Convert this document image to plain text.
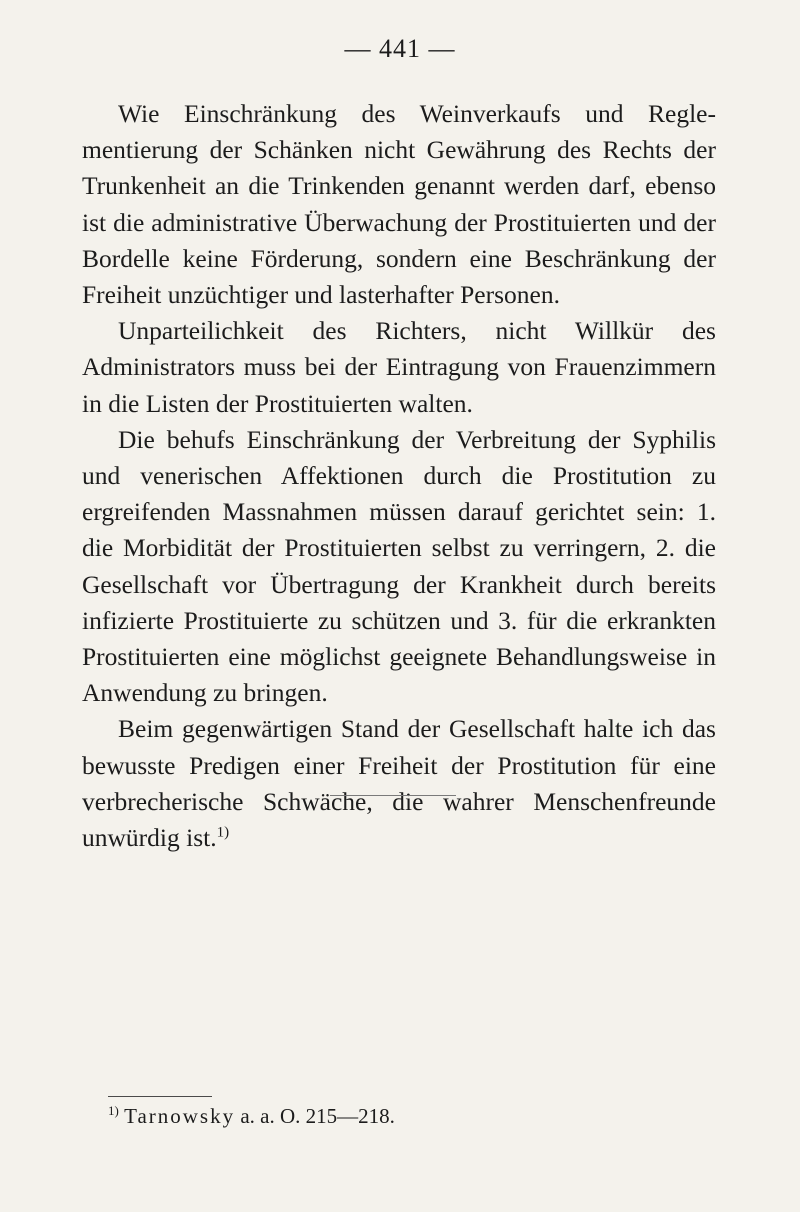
— 441 —

Wie Einschränkung des Weinverkaufs und Reglementierung der Schänken nicht Gewährung des Rechts der Trunkenheit an die Trinkenden genannt werden darf, ebenso ist die administrative Überwachung der Prostituierten und der Bordelle keine Förderung, sondern eine Beschränkung der Freiheit unzüchtiger und lasterhafter Personen.

Unparteilichkeit des Richters, nicht Willkür des Administrators muss bei der Eintragung von Frauenzimmern in die Listen der Prostituierten walten.

Die behufs Einschränkung der Verbreitung der Syphilis und venerischen Affektionen durch die Prostitution zu ergreifenden Massnahmen müssen darauf gerichtet sein: 1. die Morbidität der Prostituierten selbst zu verringern, 2. die Gesellschaft vor Übertragung der Krankheit durch bereits infizierte Prostituierte zu schützen und 3. für die erkrankten Prostituierten eine möglichst geeignete Behandlungsweise in Anwendung zu bringen.

Beim gegenwärtigen Stand der Gesellschaft halte ich das bewusste Predigen einer Freiheit der Prostitution für eine verbrecherische Schwäche, die wahrer Menschenfreunde unwürdig ist.$^{1)}$

$^{1)}$ Tarnowsky a. a. O. 215—218.
